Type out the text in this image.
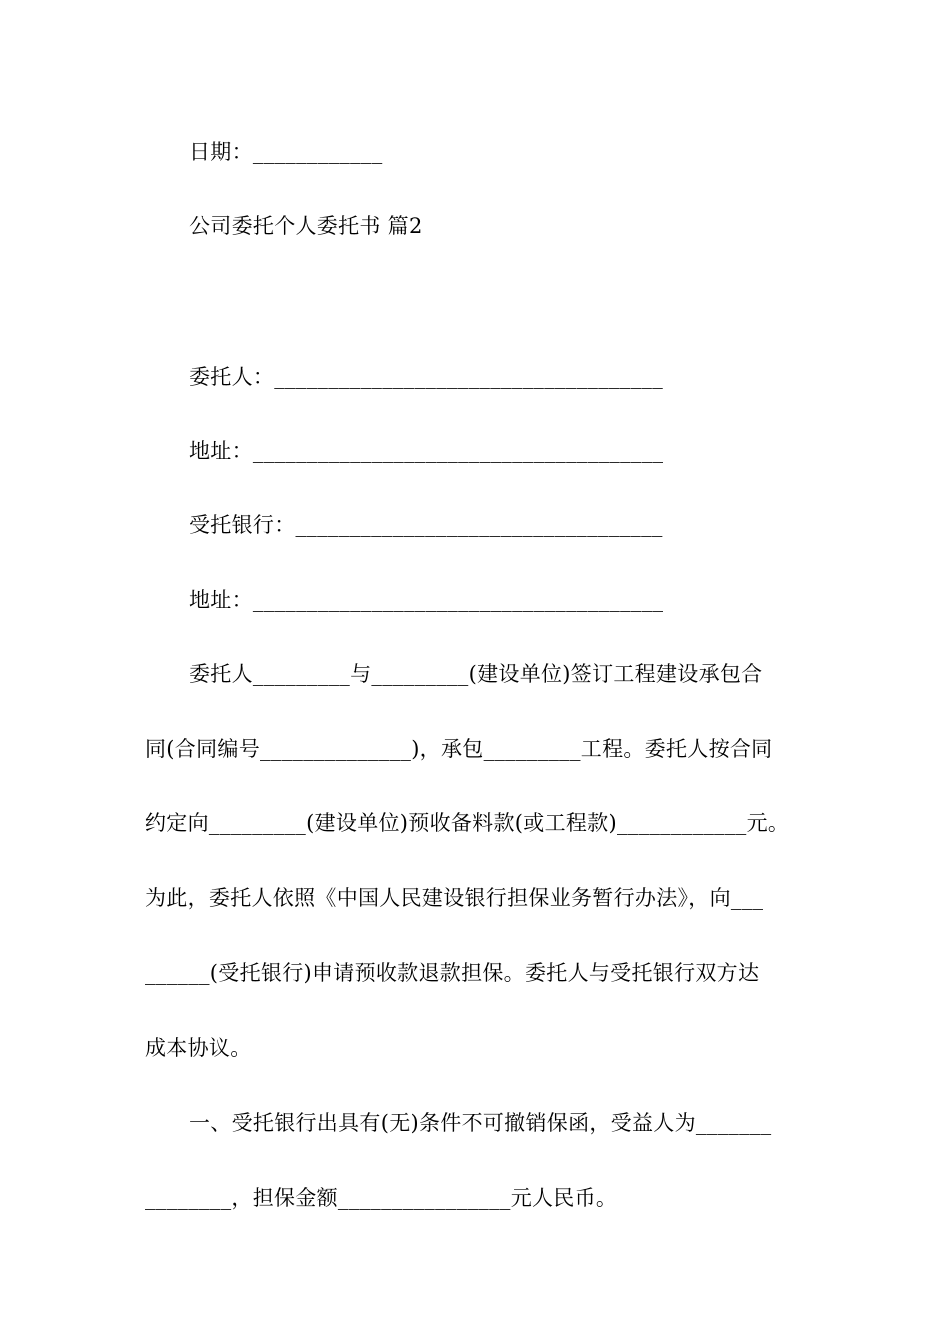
日期：____________
公司委托个人委托书 篇2
委托人：____________________________________
地址：______________________________________
受托银行：__________________________________
地址：______________________________________
委托人_________与_________(建设单位)签订工程建设承包合
同(合同编号______________)，承包_________工程。委托人按合同
约定向_________(建设单位)预收备料款(或工程款)____________元。
为此，委托人依照《中国人民建设银行担保业务暂行办法》，向___
______(受托银行)申请预收款退款担保。委托人与受托银行双方达
成本协议。
一、受托银行出具有(无)条件不可撤销保函，受益人为_______
________，担保金额________________元人民币。
